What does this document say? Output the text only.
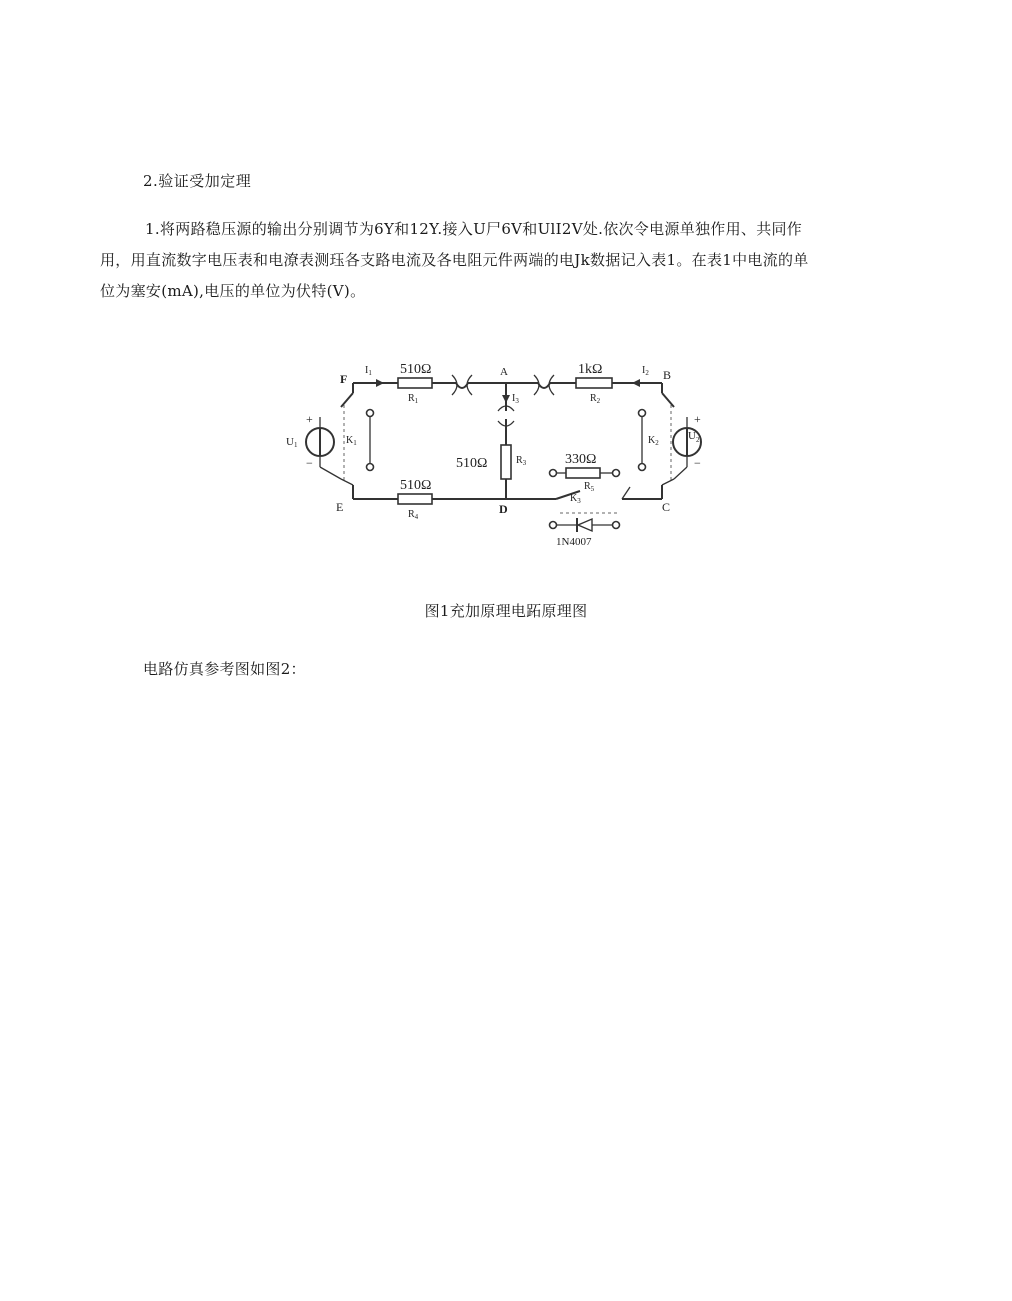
2.验证受加定理

1.将两路稳压源的输出分别调节为6Y和12Y.接入U尸6V和UlI2V处.依次令电源单独作用、共同作用，用直流数字电压表和电潦表测珏各支路电流及各电阻元件两端的电Jk数据记入表1。在表1中电流的单位为塞安(mA),电压的单位为伏特(V)。

510Ω
$R_1$
1kΩ
$R_2$
$I_1$	$I_2$
F	A	B
E	D	C
$I_3$
510Ω	$R_3$
510Ω
$R_4$
330Ω
$R_5$
$K_3$
1N4007
+
−
U1	$K_1$
+
−
$K_2$
$U_2$
图1充加原理电跖原理图
电路仿真参考图如图2：
